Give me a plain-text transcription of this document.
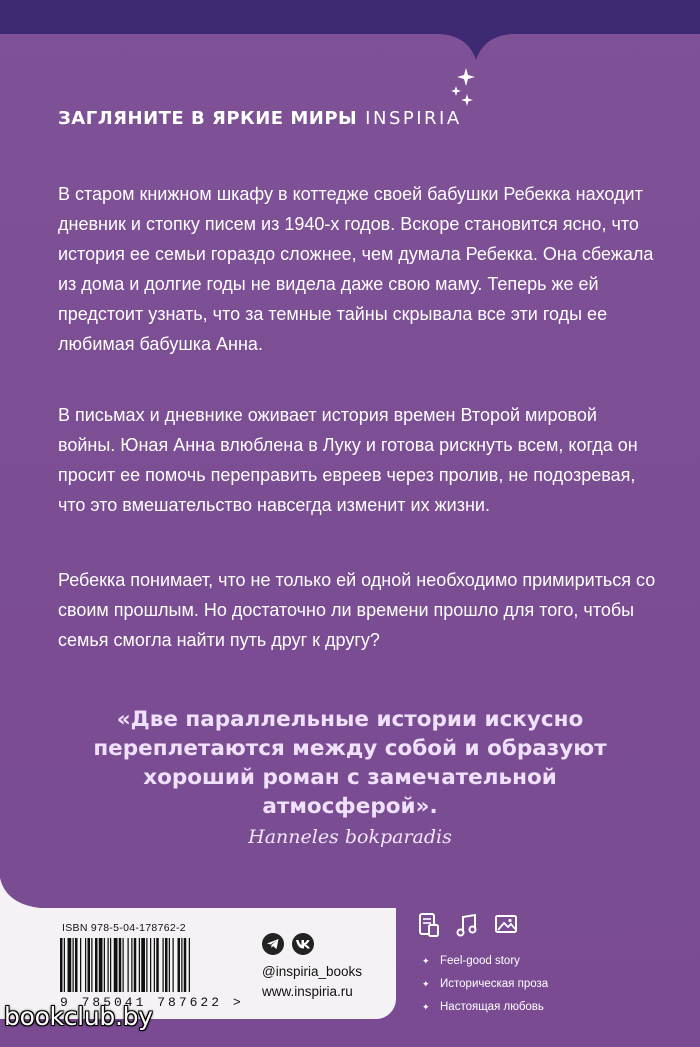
ЗАГЛЯНИТЕ В ЯРКИЕ МИРЫ INSPIRIA
В старом книжном шкафу в коттедже своей бабушки Ребекка находит дневник и стопку писем из 1940-х годов. Вскоре становится ясно, что история ее семьи гораздо сложнее, чем думала Ребекка. Она сбежала из дома и долгие годы не видела даже свою маму. Теперь же ей предстоит узнать, что за темные тайны скрывала все эти годы ее любимая бабушка Анна.
В письмах и дневнике оживает история времен Второй мировой войны. Юная Анна влюблена в Луку и готова рискнуть всем, когда он просит ее помочь переправить евреев через пролив, не подозревая, что это вмешательство навсегда изменит их жизни.
Ребекка понимает, что не только ей одной необходимо примириться со своим прошлым. Но достаточно ли времени прошло для того, чтобы семья смогла найти путь друг к другу?
«Две параллельные истории искусно переплетаются между собой и образуют хороший роман с замечательной атмосферой».
Hanneles bokparadis
ISBN 978-5-04-178762-2
9 785041 787622 >
@inspiria_books
www.inspiria.ru
✦ Feel-good story
✦ Историческая проза
✦ Настоящая любовь
bookclub.by
